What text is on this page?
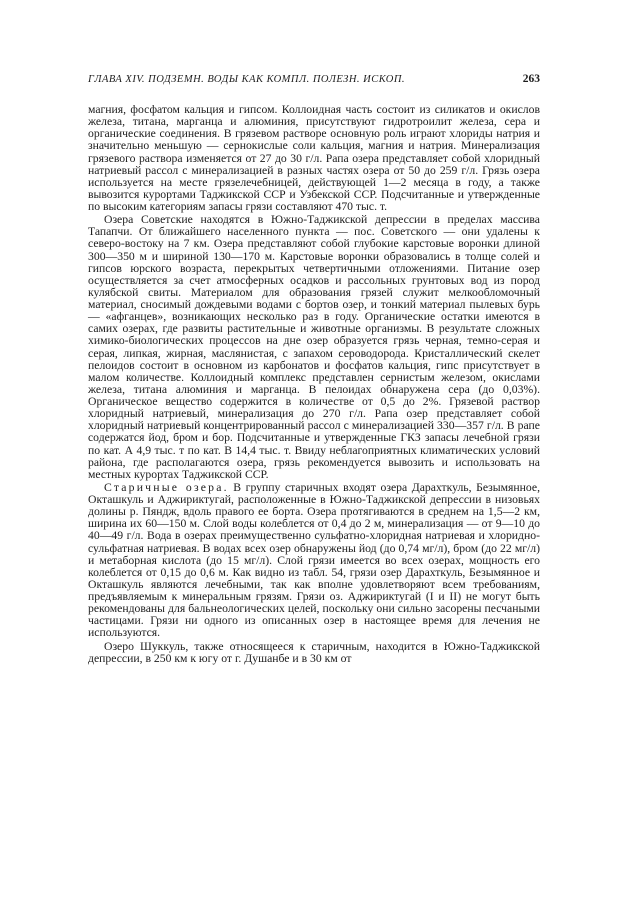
ГЛАВА XIV. ПОДЗЕМН. ВОДЫ КАК КОМПЛ. ПОЛЕЗН. ИСКОП.	263

магния, фосфатом кальция и гипсом. Коллоидная часть состоит из силикатов и окислов железа, титана, марганца и алюминия, присутствуют гидротроилит железа, сера и органические соединения. В грязевом растворе основную роль играют хлориды натрия и значительно меньшую — сернокислые соли кальция, магния и натрия. Минерализация грязевого раствора изменяется от 27 до 30 г/л. Рапа озера представляет собой хлоридный натриевый рассол с минерализацией в разных частях озера от 50 до 259 г/л. Грязь озера используется на месте грязелечебницей, действующей 1—2 месяца в году, а также вывозится курортами Таджикской ССР и Узбекской ССР. Подсчитанные и утвержденные по высоким категориям запасы грязи составляют 470 тыс. т.

Озера Советские находятся в Южно-Таджикской депрессии в пределах массива Тапапчи. От ближайшего населенного пункта — пос. Советского — они удалены к северо-востоку на 7 км. Озера представляют собой глубокие карстовые воронки длиной 300—350 м и шириной 130—170 м. Карстовые воронки образовались в толще солей и гипсов юрского возраста, перекрытых четвертичными отложениями. Питание озер осуществляется за счет атмосферных осадков и рассольных грунтовых вод из пород кулябской свиты. Материалом для образования грязей служит мелкообломочный материал, сносимый дождевыми водами с бортов озер, и тонкий материал пылевых бурь — «афганцев», возникающих несколько раз в году. Органические остатки имеются в самих озерах, где развиты растительные и животные организмы. В результате сложных химико-биологических процессов на дне озер образуется грязь черная, темно-серая и серая, липкая, жирная, маслянистая, с запахом сероводорода. Кристаллический скелет пелоидов состоит в основном из карбонатов и фосфатов кальция, гипс присутствует в малом количестве. Коллоидный комплекс представлен сернистым железом, окислами железа, титана алюминия и марганца. В пелоидах обнаружена сера (до 0,03%). Органическое вещество содержится в количестве от 0,5 до 2%. Грязевой раствор хлоридный натриевый, минерализация до 270 г/л. Рапа озер представляет собой хлоридный натриевый концентрированный рассол с минерализацией 330—357 г/л. В рапе содержатся йод, бром и бор. Подсчитанные и утвержденные ГКЗ запасы лечебной грязи по кат. А 4,9 тыс. т по кат. В 14,4 тыс. т. Ввиду неблагоприятных климатических условий района, где располагаются озера, грязь рекомендуется вывозить и использовать на местных курортах Таджикской ССР.

Старичные озера. В группу старичных входят озера Дарахткуль, Безымянное, Окташкуль и Аджириктугай, расположенные в Южно-Таджикской депрессии в низовьях долины р. Пяндж, вдоль правого ее борта. Озера протягиваются в среднем на 1,5—2 км, ширина их 60—150 м. Слой воды колеблется от 0,4 до 2 м, минерализация — от 9—10 до 40—49 г/л. Вода в озерах преимущественно сульфатно-хлоридная натриевая и хлоридно-сульфатная натриевая. В водах всех озер обнаружены йод (до 0,74 мг/л), бром (до 22 мг/л) и метаборная кислота (до 15 мг/л). Слой грязи имеется во всех озерах, мощность его колеблется от 0,15 до 0,6 м. Как видно из табл. 54, грязи озер Дарахткуль, Безымянное и Окташкуль являются лечебными, так как вполне удовлетворяют всем требованиям, предъявляемым к минеральным грязям. Грязи оз. Аджириктугай (I и II) не могут быть рекомендованы для бальнеологических целей, поскольку они сильно засорены песчаными частицами. Грязи ни одного из описанных озер в настоящее время для лечения не используются.

Озеро Шуккуль, также относящееся к старичным, находится в Южно-Таджикской депрессии, в 250 км к югу от г. Душанбе и в 30 км от
